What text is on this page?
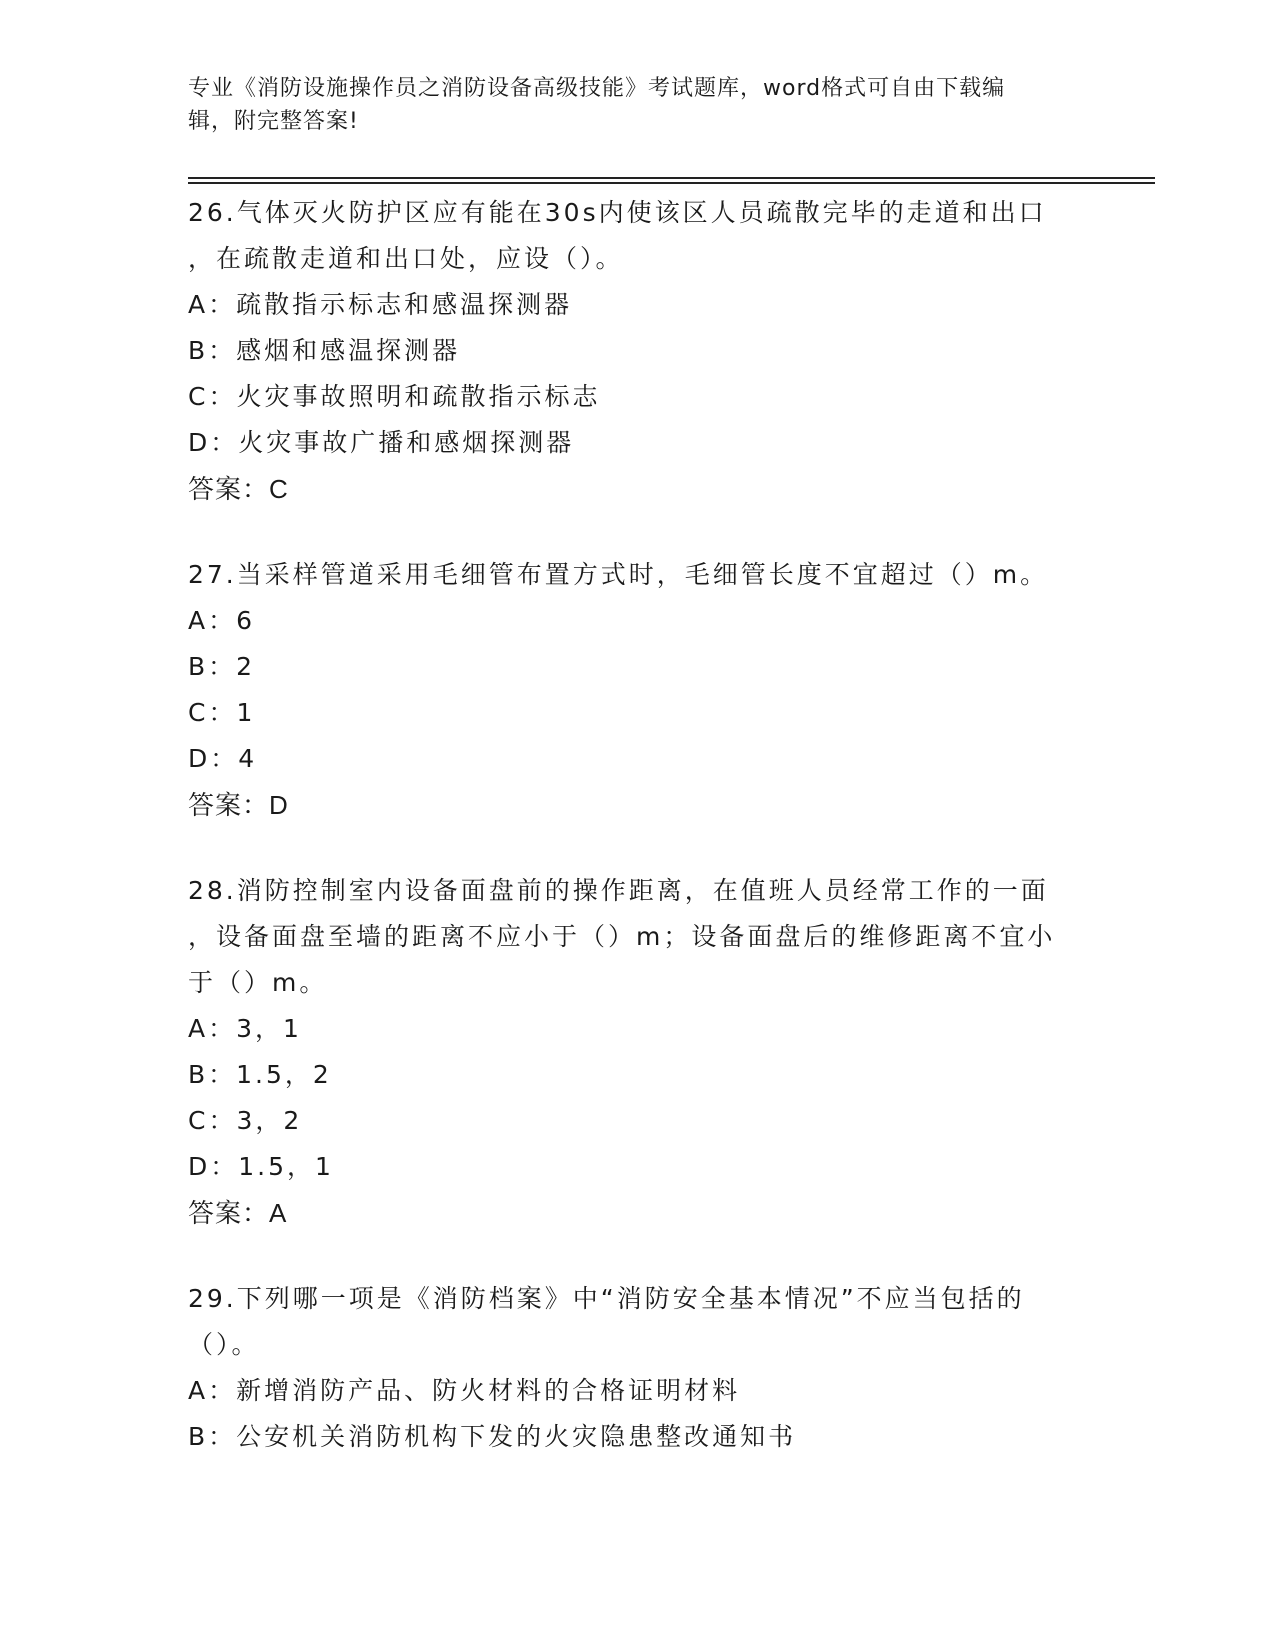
专业《消防设施操作员之消防设备高级技能》考试题库，word格式可自由下载编
辑，附完整答案!
26.气体灭火防护区应有能在30s内使该区人员疏散完毕的走道和出口
，在疏散走道和出口处，应设（）。
A：疏散指示标志和感温探测器
B：感烟和感温探测器
C：火灾事故照明和疏散指示标志
D：火灾事故广播和感烟探测器
答案：C
27.当采样管道采用毛细管布置方式时，毛细管长度不宜超过（）m。
A：6
B：2
C：1
D：4
答案：D
28.消防控制室内设备面盘前的操作距离，在值班人员经常工作的一面
，设备面盘至墙的距离不应小于（）m；设备面盘后的维修距离不宜小
于（）m。
A：3，1
B：1.5，2
C：3，2
D：1.5，1
答案：A
29.下列哪一项是《消防档案》中“消防安全基本情况”不应当包括的
（）。
A：新增消防产品、防火材料的合格证明材料
B：公安机关消防机构下发的火灾隐患整改通知书
